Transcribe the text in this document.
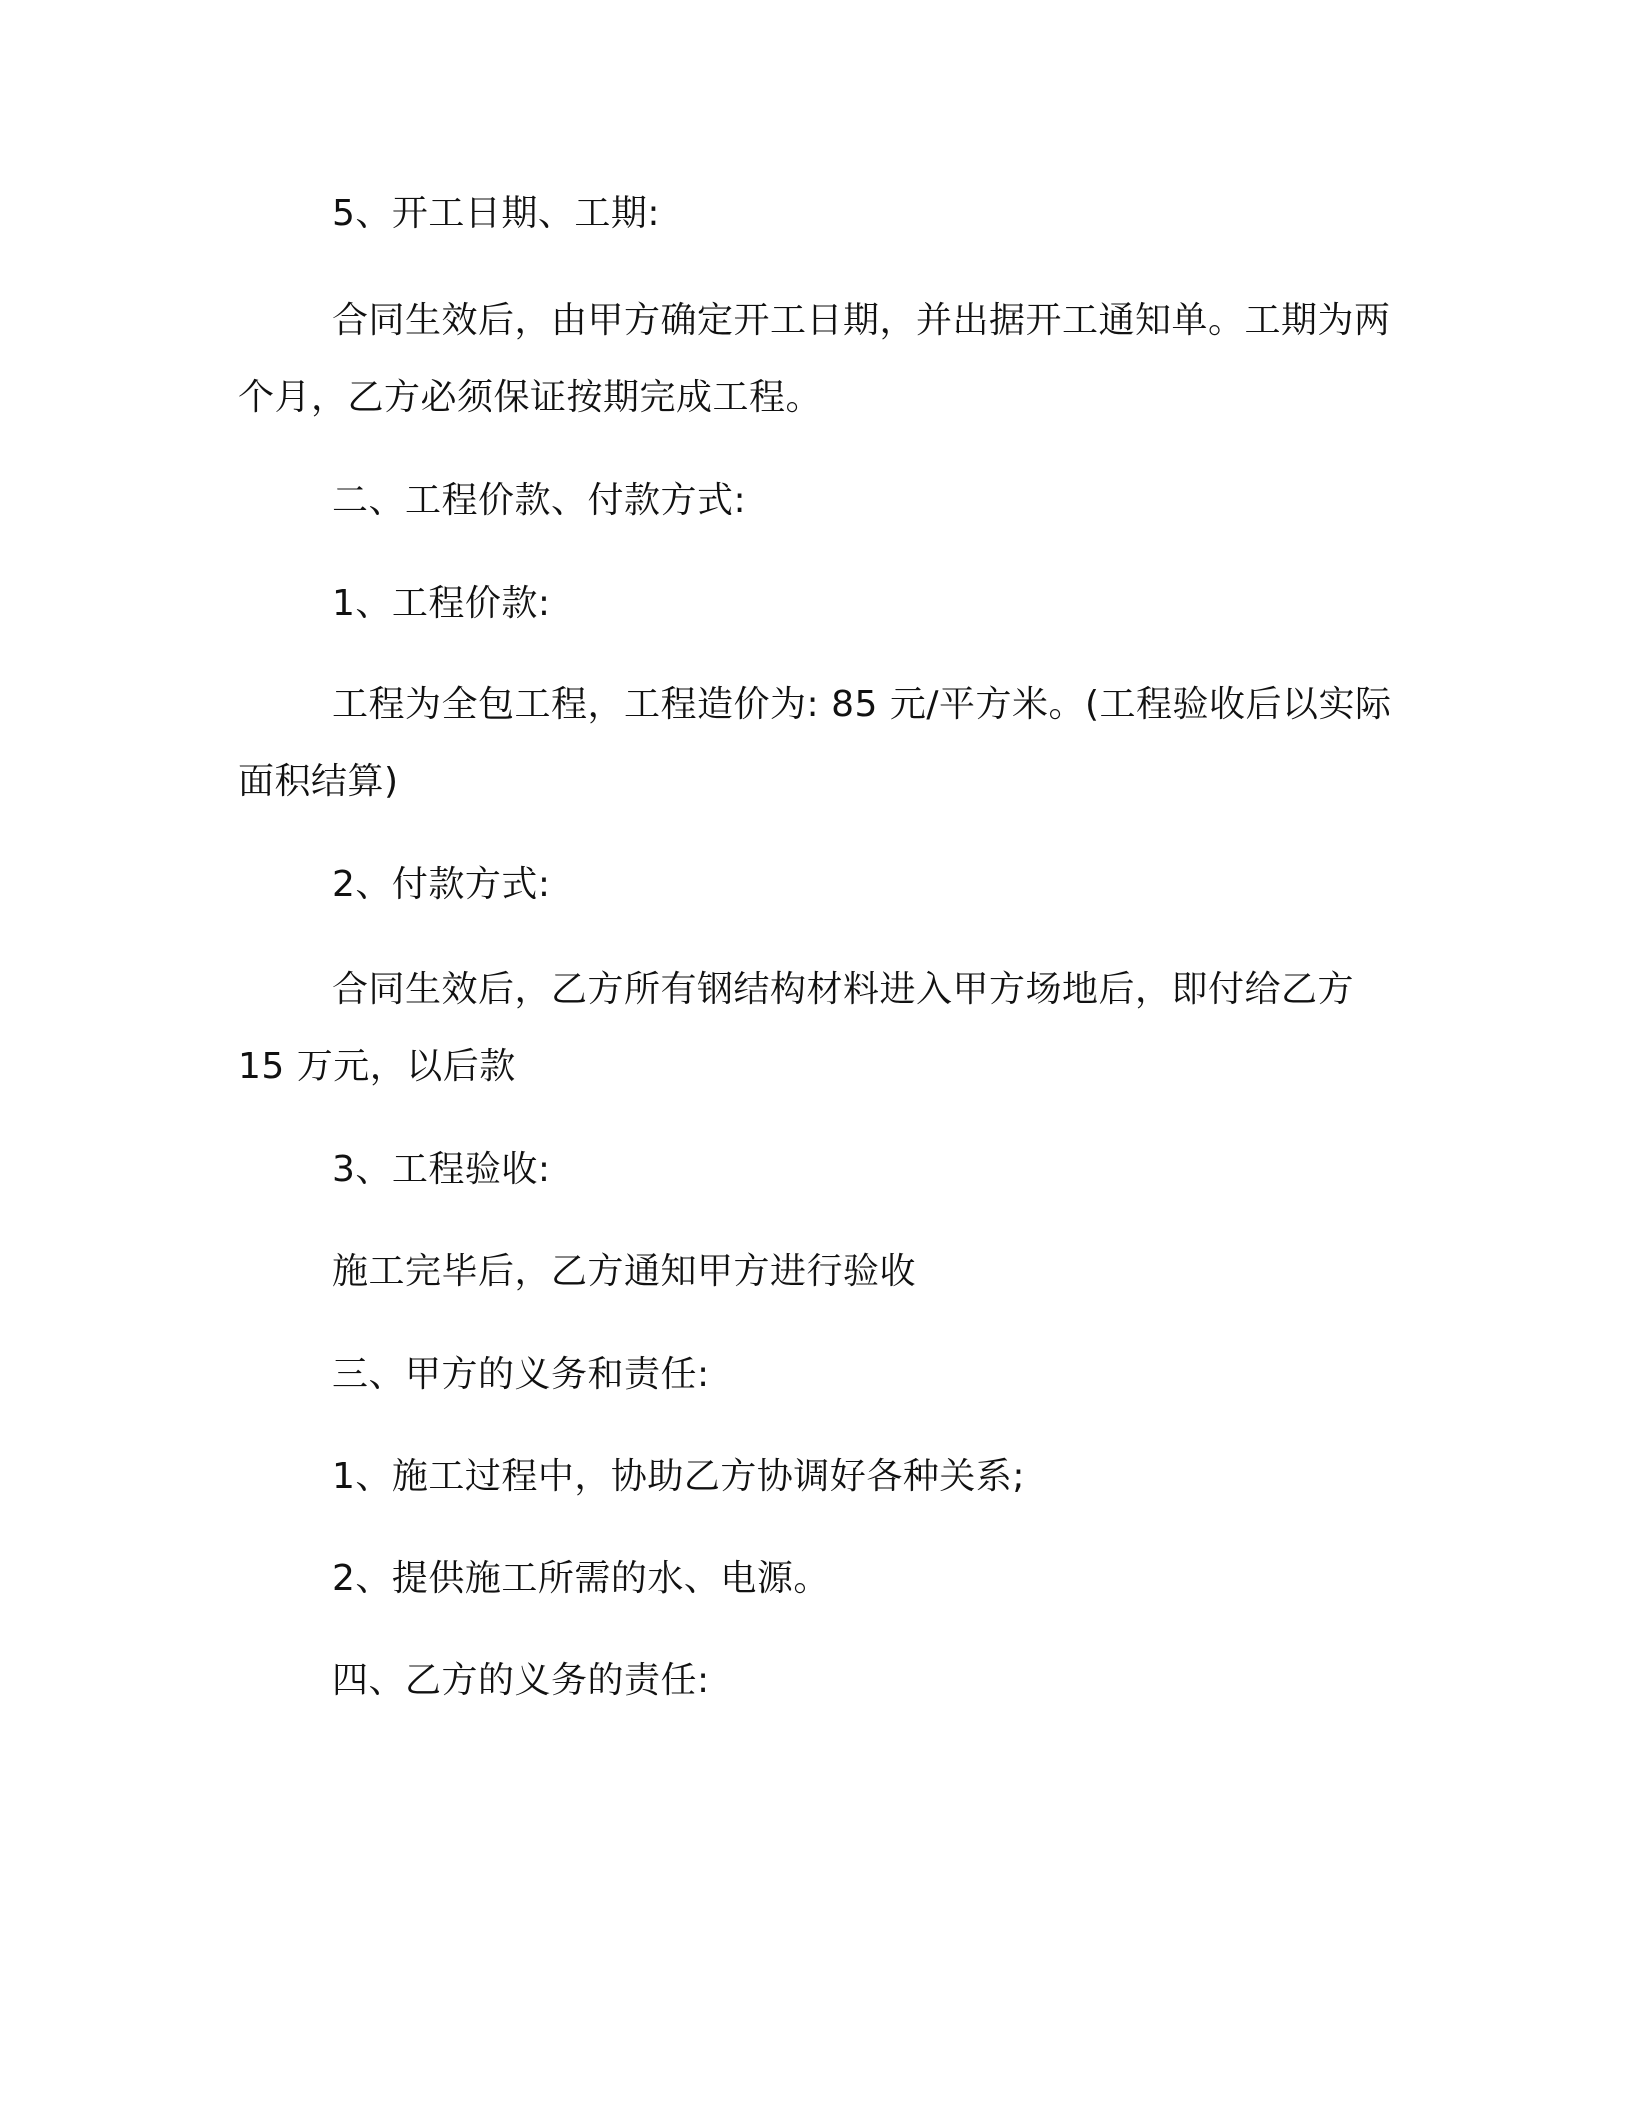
5、开工日期、工期:

合同生效后，由甲方确定开工日期，并出据开工通知单。工期为两个月，乙方必须保证按期完成工程。

二、工程价款、付款方式:

1、工程价款:

工程为全包工程，工程造价为: 85 元/平方米。(工程验收后以实际面积结算)

2、付款方式:

合同生效后，乙方所有钢结构材料进入甲方场地后，即付给乙方15 万元，以后款

3、工程验收:

施工完毕后，乙方通知甲方进行验收

三、甲方的义务和责任:

1、施工过程中，协助乙方协调好各种关系;

2、提供施工所需的水、电源。

四、乙方的义务的责任:
